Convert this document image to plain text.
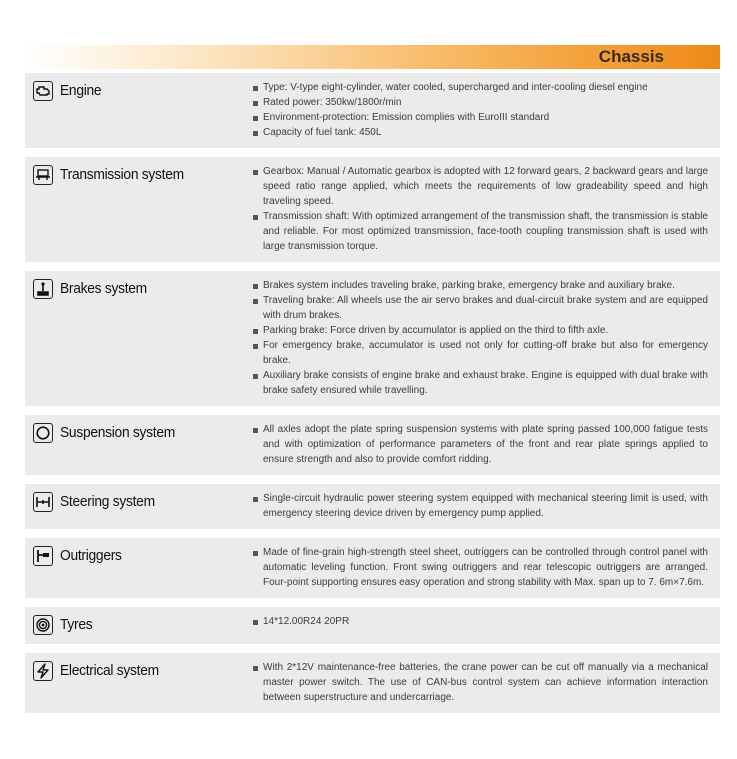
Chassis
Engine	Type: V-type eight-cylinder, water cooled, supercharged and inter-cooling diesel engine
Rated power: 350kw/1800r/min
Environment-protection: Emission complies with EuroIII standard
Capacity of fuel tank: 450L
Transmission system	Gearbox: Manual / Automatic gearbox is adopted with 12 forward gears, 2 backward gears and large speed ratio range applied, which meets the requirements of low gradeability speed and high traveling speed.
Transmission shaft: With optimized arrangement of the transmission shaft, the transmission is stable and reliable. For most optimized transmission, face-tooth coupling transmission shaft is used with large transmission torque.
Brakes system	Brakes system includes traveling brake, parking brake, emergency brake and auxiliary brake.
Traveling brake: All wheels use the air servo brakes and dual-circuit brake system and are equipped with drum brakes.
Parking brake: Force driven by accumulator is applied on the third to fifth axle.
For emergency brake, accumulator is used not only for cutting-off brake but also for emergency brake.
Auxiliary brake consists of engine brake and exhaust brake. Engine is equipped with dual brake with brake safety ensured while travelling.
Suspension system	All axles adopt the plate spring suspension systems with plate spring passed 100,000 fatigue tests and with optimization of performance parameters of the front and rear plate springs applied to ensure strength and also to provide comfort ridding.
Steering system	Single-circuit hydraulic power steering system equipped with mechanical steering limit is used, with emergency steering device driven by emergency pump applied.
Outriggers	Made of fine-grain high-strength steel sheet, outriggers can be controlled through control panel with automatic leveling function. Front swing outriggers and rear telescopic outriggers are arranged. Four-point supporting ensures easy operation and strong stability with Max. span up to 7. 6m×7.6m.
Tyres	14*12.00R24 20PR
Electrical system	With 2*12V maintenance-free batteries, the crane power can be cut off manually via a mechanical master power switch. The use of CAN-bus control system can achieve information interaction between superstructure and undercarriage.
